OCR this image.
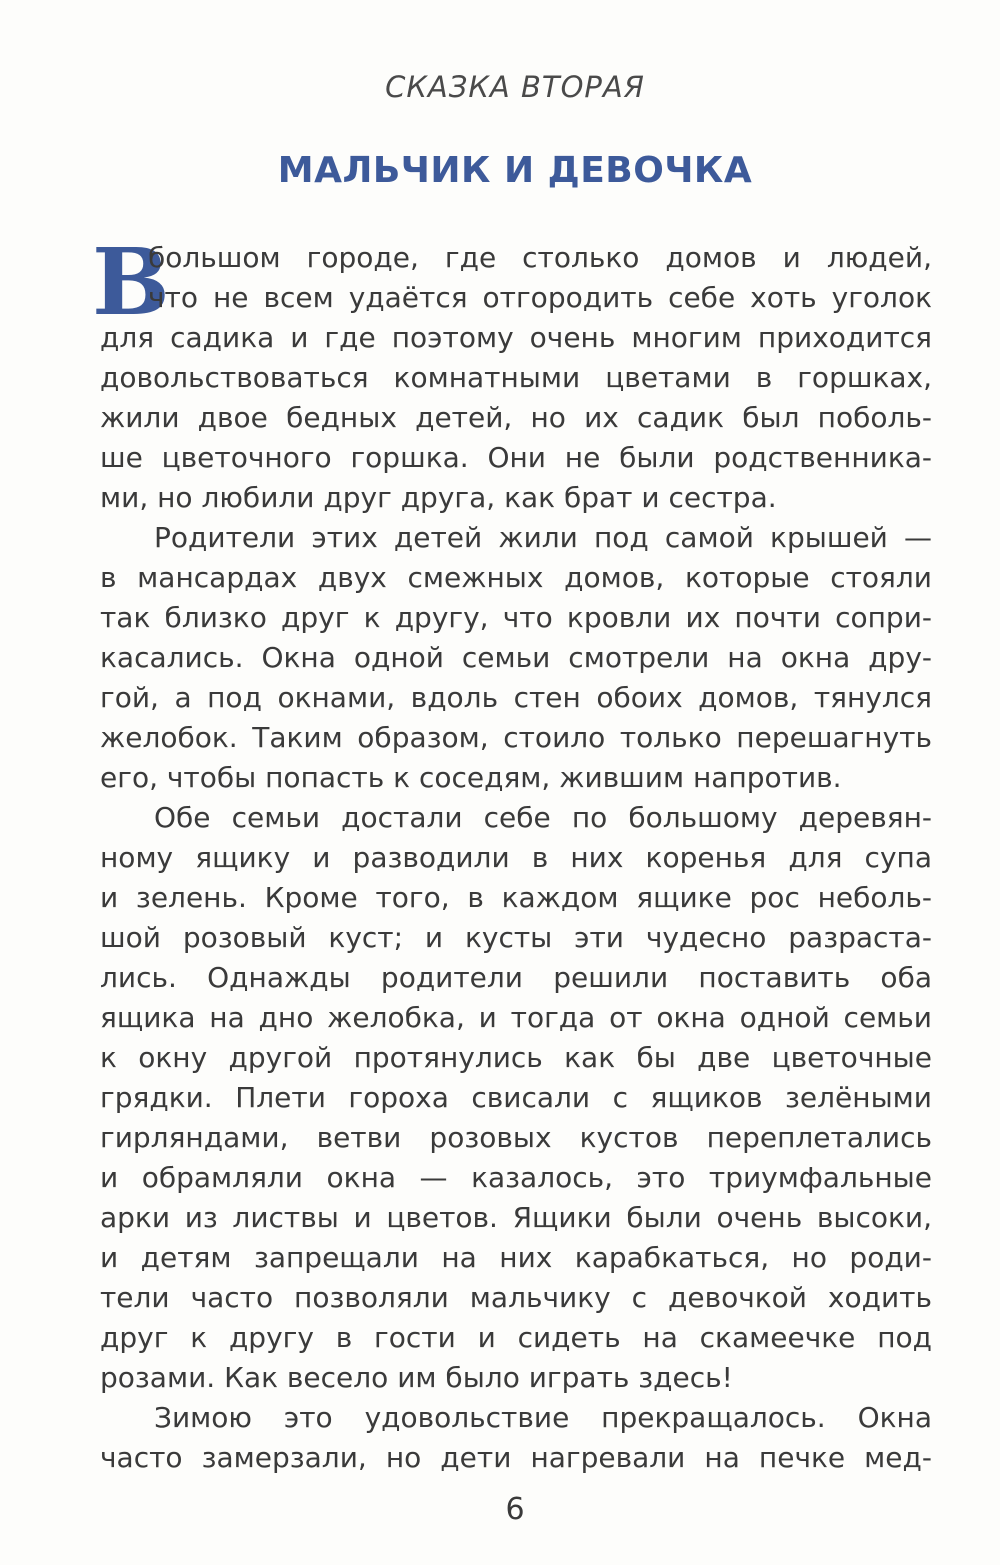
СКАЗКА ВТОРАЯ
МАЛЬЧИК И ДЕВОЧКА
В
большом городе, где столько домов и людей,
что не всем удаётся отгородить себе хоть уголок
для садика и где поэтому очень многим приходится
довольствоваться комнатными цветами в горшках,
жили двое бедных детей, но их садик был поболь-
ше цветочного горшка. Они не были родственника-
ми, но любили друг друга, как брат и сестра.
Родители этих детей жили под самой крышей —
в мансардах двух смежных домов, которые стояли
так близко друг к другу, что кровли их почти сопри-
касались. Окна одной семьи смотрели на окна дру-
гой, а под окнами, вдоль стен обоих домов, тянулся
желобок. Таким образом, стоило только перешагнуть
его, чтобы попасть к соседям, жившим напротив.
Обе семьи достали себе по большому деревян-
ному ящику и разводили в них коренья для супа
и зелень. Кроме того, в каждом ящике рос неболь-
шой розовый куст; и кусты эти чудесно разраста-
лись. Однажды родители решили поставить оба
ящика на дно желобка, и тогда от окна одной семьи
к окну другой протянулись как бы две цветочные
грядки. Плети гороха свисали с ящиков зелёными
гирляндами, ветви розовых кустов переплетались
и обрамляли окна — казалось, это триумфальные
арки из листвы и цветов. Ящики были очень высоки,
и детям запрещали на них карабкаться, но роди-
тели часто позволяли мальчику с девочкой ходить
друг к другу в гости и сидеть на скамеечке под
розами. Как весело им было играть здесь!
Зимою это удовольствие прекращалось. Окна
часто замерзали, но дети нагревали на печке мед-
6
